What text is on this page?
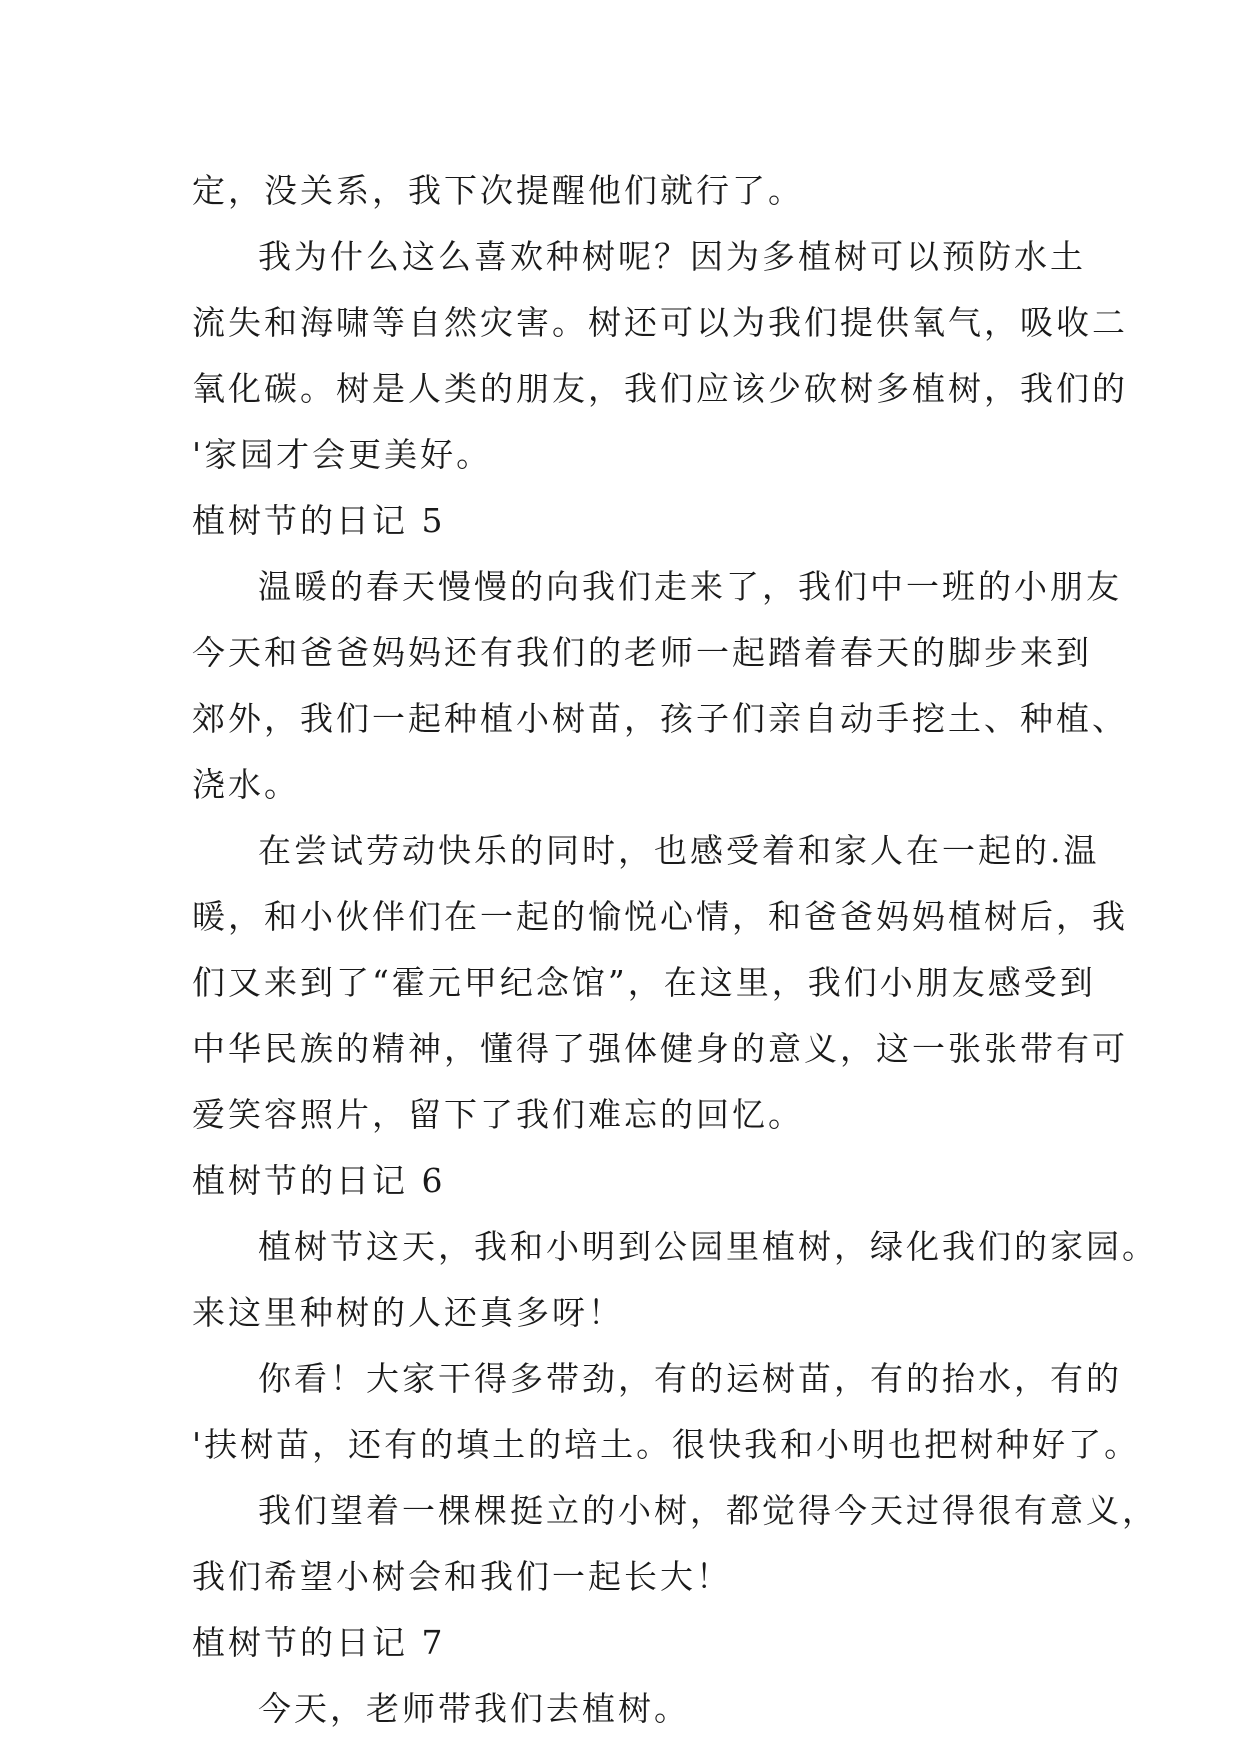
定，没关系，我下次提醒他们就行了。
我为什么这么喜欢种树呢？因为多植树可以预防水土
流失和海啸等自然灾害。树还可以为我们提供氧气，吸收二
氧化碳。树是人类的朋友，我们应该少砍树多植树，我们的
'家园才会更美好。
植树节的日记 5
温暖的春天慢慢的向我们走来了，我们中一班的小朋友
今天和爸爸妈妈还有我们的老师一起踏着春天的脚步来到
郊外，我们一起种植小树苗，孩子们亲自动手挖土、种植、
浇水。
在尝试劳动快乐的同时，也感受着和家人在一起的.温
暖，和小伙伴们在一起的愉悦心情，和爸爸妈妈植树后，我
们又来到了“霍元甲纪念馆”，在这里，我们小朋友感受到
中华民族的精神，懂得了强体健身的意义，这一张张带有可
爱笑容照片，留下了我们难忘的回忆。
植树节的日记 6
植树节这天，我和小明到公园里植树，绿化我们的家园。
来这里种树的人还真多呀！
你看！大家干得多带劲，有的运树苗，有的抬水，有的
'扶树苗，还有的填土的培土。很快我和小明也把树种好了。
我们望着一棵棵挺立的小树，都觉得今天过得很有意义，
我们希望小树会和我们一起长大！
植树节的日记 7
今天，老师带我们去植树。
